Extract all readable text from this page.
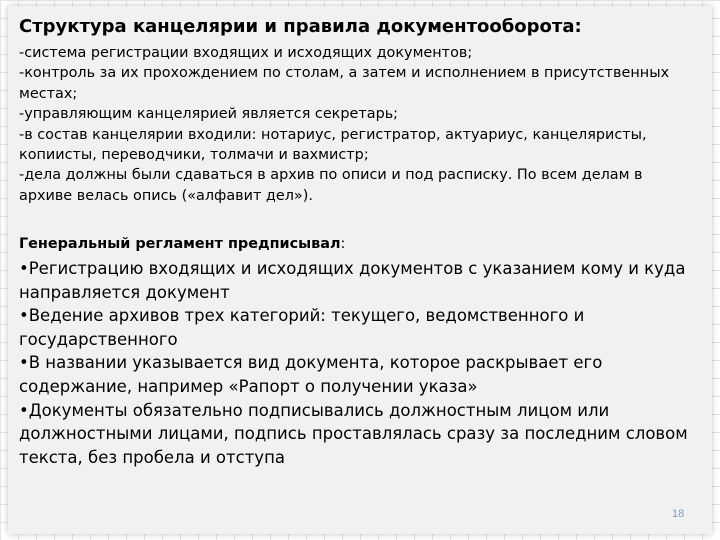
Структура канцелярии и правила документооборота:
-система регистрации входящих и исходящих документов;
-контроль за их прохождением по столам, а затем и исполнением в присутственных местах;
-управляющим канцелярией является секретарь;
-в состав канцелярии входили: нотариус, регистратор, актуариус, канцеляристы, копиисты, переводчики, толмачи и вахмистр;
-дела должны были сдаваться в архив по описи и под расписку. По всем делам в архиве велась опись («алфавит дел»).

Генеральный регламент предписывал:

•Регистрацию входящих и исходящих документов с указанием кому и куда направляется документ
•Ведение архивов трех категорий: текущего, ведомственного и государственного
•В названии указывается вид документа, которое раскрывает его содержание, например «Рапорт о получении указа»
•Документы обязательно подписывались должностным лицом или должностными лицами, подпись проставлялась сразу за последним словом текста, без пробела и отступа
18
